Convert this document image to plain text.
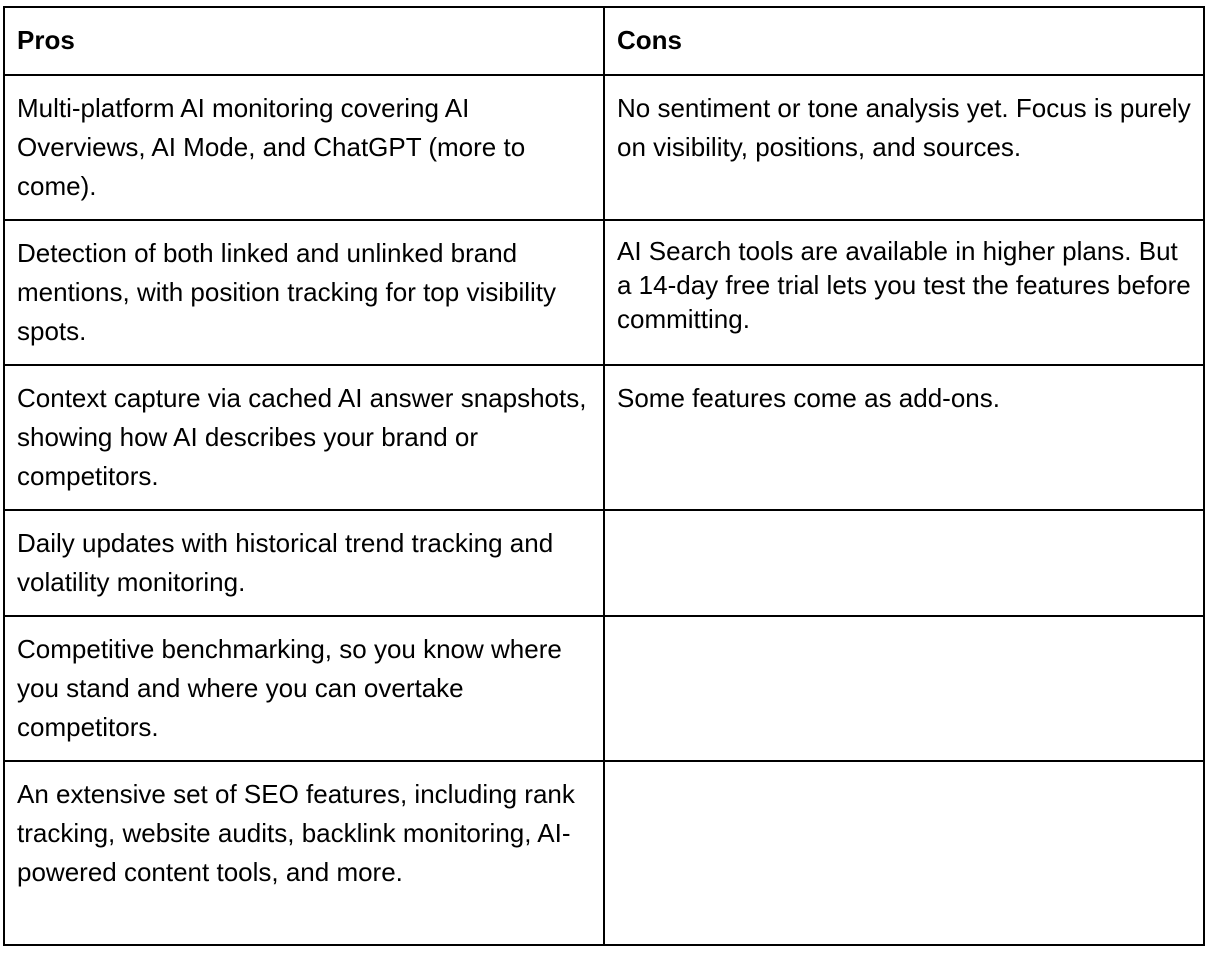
Pros	Cons
Multi-platform AI monitoring covering AI Overviews, AI Mode, and ChatGPT (more to come).	No sentiment or tone analysis yet. Focus is purely on visibility, positions, and sources.
Detection of both linked and unlinked brand mentions, with position tracking for top visibility spots.	AI Search tools are available in higher plans. But a 14-day free trial lets you test the features before committing.
Context capture via cached AI answer snapshots, showing how AI describes your brand or competitors.	Some features come as add-ons.
Daily updates with historical trend tracking and volatility monitoring.	
Competitive benchmarking, so you know where you stand and where you can overtake competitors.	
An extensive set of SEO features, including rank tracking, website audits, backlink monitoring, AI-powered content tools, and more.	
